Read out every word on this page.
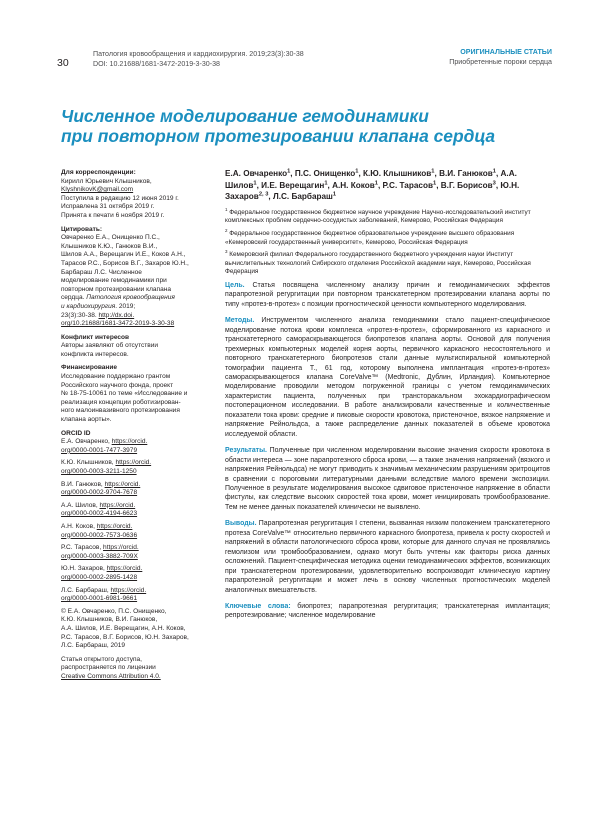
30
Патология кровообращения и кардиохирургия. 2019;23(3):30-38
DOI: 10.21688/1681-3472-2019-3-30-38
ОРИГИНАЛЬНЫЕ СТАТЬИ
Приобретенные пороки сердца
Численное моделирование гемодинамики
при повторном протезировании клапана сердца
Для корреспонденции:
Кирилл Юрьевич Клышников,
KlyshnikovK@gmail.com
Поступила в редакцию 12 июня 2019 г.
Исправлена 31 октября 2019 г.
Принята к печати 6 ноября 2019 г.
Цитировать:
Овчаренко Е.А., Онищенко П.С.,
Клышников К.Ю., Ганюков В.И.,
Шилов А.А., Верещагин И.Е., Коков А.Н.,
Тарасов Р.С., Борисов В.Г., Захаров Ю.Н.,
Барбараш Л.С. Численное
моделирование гемодинамики при
повторном протезировании клапана
сердца. Патология кровообращения
и кардиохирургия. 2019;
23(3):30-38. http://dx.doi.
org/10.21688/1681-3472-2019-3-30-38
Конфликт интересов
Авторы заявляют об отсутствии
конфликта интересов.
Финансирование
Исследование поддержано грантом
Российского научного фонда, проект
№ 18-75-10061 по теме «Исследование и
реализация концепции роботизирован-
ного малоинвазивного протезирования
клапана аорты».
ORCID ID
Е.А. Овчаренко, https://orcid.
org/0000-0001-7477-3979
К.Ю. Клышников, https://orcid.
org/0000-0003-3211-1250
В.И. Ганюков, https://orcid.
org/0000-0002-9704-7678
А.А. Шилов, https://orcid.
org/0000-0002-4194-6623
А.Н. Коков, https://orcid.
org/0000-0002-7573-0636
Р.С. Тарасов, https://orcid.
org/0000-0003-3882-709X
Ю.Н. Захаров, https://orcid.
org/0000-0002-2895-1428
Л.С. Барбараш, https://orcid.
org/0000-0001-6981-9661
© Е.А. Овчаренко, П.С. Онищенко,
К.Ю. Клышников, В.И. Ганюков,
А.А. Шилов, И.Е. Верещагин, А.Н. Коков,
Р.С. Тарасов, В.Г. Борисов, Ю.Н. Захаров,
Л.С. Барбараш, 2019
Статья открытого доступа,
распространяется по лицензии
Creative Commons Attribution 4.0.
Е.А. Овчаренко$^1$, П.С. Онищенко$^1$, К.Ю. Клышников$^1$, В.И. Ганюков$^1$, А.А. Шилов$^1$, И.Е. Верещагин$^1$, А.Н. Коков$^1$, Р.С. Тарасов$^1$, В.Г. Борисов$^3$, Ю.Н. Захаров$^{2, 3}$, Л.С. Барбараш$^1$
$^1$ Федеральное государственное бюджетное научное учреждение Научно-исследовательский институт комплексных проблем сердечно-сосудистых заболеваний, Кемерово, Российская Федерация
$^2$ Федеральное государственное бюджетное образовательное учреждение высшего образования «Кемеровский государственный университет», Кемерово, Российская Федерация
$^3$ Кемеровский филиал Федерального государственного бюджетного учреждения науки Институт вычислительных технологий Сибирского отделения Российской академии наук, Кемерово, Российская Федерация
Цель. Статья посвящена численному анализу причин и гемодинамических эффектов парапротезной регургитации при повторном транскатетерном протезировании клапана аорты по типу «протез-в-протез» с позиции прогностической ценности компьютерного моделирования.
Методы. Инструментом численного анализа гемодинамики стало пациент-специфическое моделирование потока крови комплекса «протез-в-протез», сформированного из каркасного и транскатетерного самораскрывающегося биопротезов клапана аорты. Основой для получения трехмерных компьютерных моделей корня аорты, первичного каркасного несостоятельного и повторного транскатетерного биопротезов стали данные мультиспиральной компьютерной томографии пациента Т., 61 год, которому выполнена имплантация «протез-в-протез» самораскрывающегося клапана CoreValve™ (Medtronic, Дублин, Ирландия). Компьютерное моделирование проводили методом погруженной границы с учетом гемодинамических характеристик пациента, полученных при трансторакальном эхокардиографическом постоперационном исследовании. В работе анализировали качественные и количественные показатели тока крови: средние и пиковые скорости кровотока, пристеночное, вязкое напряжение и напряжение Рейнольдса, а также распределение данных показателей в объеме кровотока исследуемой области.
Результаты. Полученные при численном моделировании высокие значения скорости кровотока в области интереса — зоне парапротезного сброса крови, — а также значения напряжений (вязкого и напряжения Рейнольдса) не могут приводить к значимым механическим разрушениям эритроцитов в сравнении с пороговыми литературными данными вследствие малого времени экспозиции. Полученное в результате моделирования высокое сдвиговое пристеночное напряжение в области фистулы, как следствие высоких скоростей тока крови, может инициировать тромбообразование. Тем не менее данных показателей клинически не выявлено.
Выводы. Парапротезная регургитация I степени, вызванная низким положением транскатетерного протеза CoreValve™ относительно первичного каркасного биопротеза, привела к росту скоростей и напряжений в области патологического сброса крови, которые для данного случая не проявлялись гемолизом или тромбообразованием, однако могут быть учтены как факторы риска данных осложнений. Пациент-специфическая методика оценки гемодинамических эффектов, возникающих при транскатетерном протезировании, удовлетворительно воспроизводит клиническую картину парапротезной регургитации и может лечь в основу численных прогностических моделей аналогичных вмешательств.
Ключевые слова: биопротез; парапротезная регургитация; транскатетерная имплантация; репротезирование; численное моделирование
